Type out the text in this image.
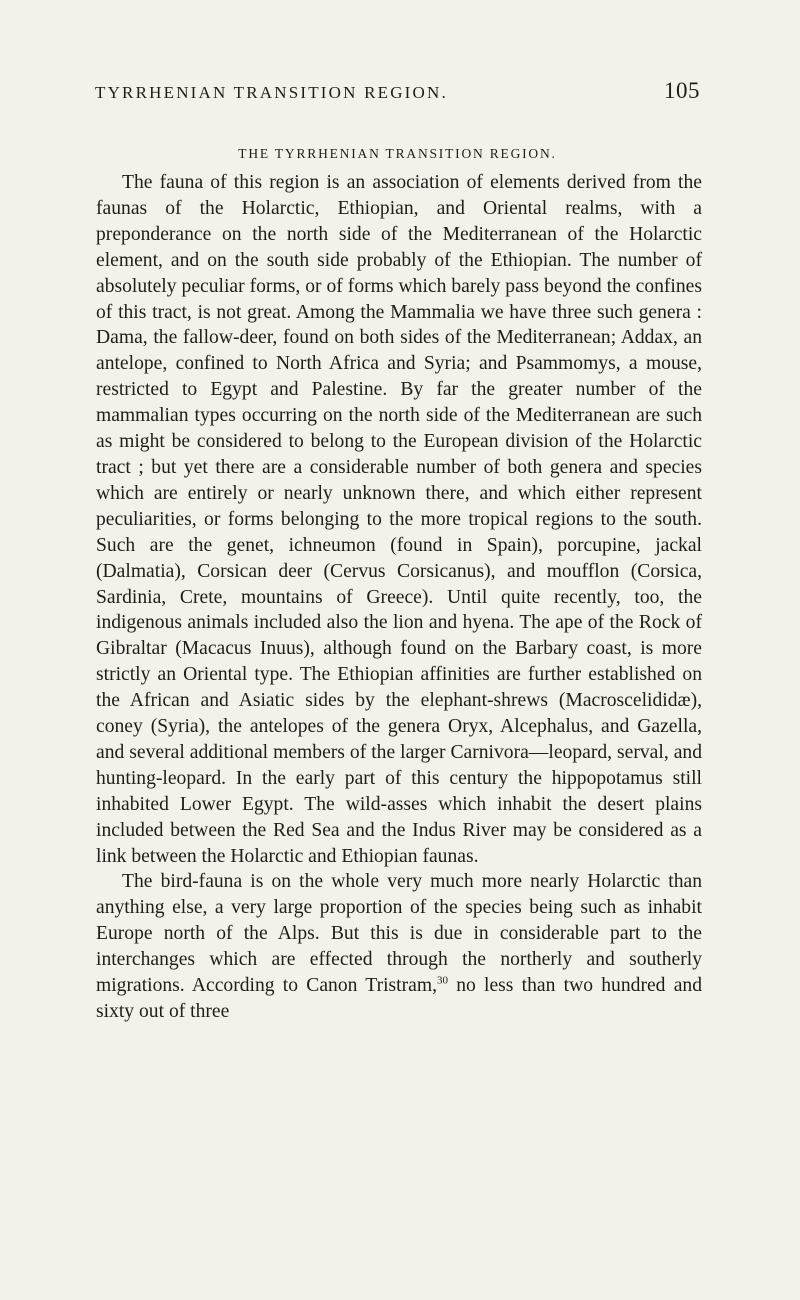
TYRRHENIAN TRANSITION REGION.	105
THE TYRRHENIAN TRANSITION REGION.

The fauna of this region is an association of elements derived from the faunas of the Holarctic, Ethiopian, and Oriental realms, with a preponderance on the north side of the Mediterranean of the Holarctic element, and on the south side probably of the Ethiopian. The number of absolutely peculiar forms, or of forms which barely pass beyond the confines of this tract, is not great. Among the Mammalia we have three such genera : Dama, the fallow-deer, found on both sides of the Mediterranean; Addax, an antelope, confined to North Africa and Syria; and Psammomys, a mouse, restricted to Egypt and Palestine. By far the greater number of the mammalian types occurring on the north side of the Mediterranean are such as might be considered to belong to the European division of the Holarctic tract ; but yet there are a considerable number of both genera and species which are entirely or nearly unknown there, and which either represent peculiarities, or forms belonging to the more tropical regions to the south. Such are the genet, ichneumon (found in Spain), porcupine, jackal (Dalmatia), Corsican deer (Cervus Corsicanus), and moufflon (Corsica, Sardinia, Crete, mountains of Greece). Until quite recently, too, the indigenous animals included also the lion and hyena. The ape of the Rock of Gibraltar (Macacus Inuus), although found on the Barbary coast, is more strictly an Oriental type. The Ethiopian affinities are further established on the African and Asiatic sides by the elephant-shrews (Macroscelididæ), coney (Syria), the antelopes of the genera Oryx, Alcephalus, and Gazella, and several additional members of the larger Carnivora—leopard, serval, and hunting-leopard. In the early part of this century the hippopotamus still inhabited Lower Egypt. The wild-asses which inhabit the desert plains included between the Red Sea and the Indus River may be considered as a link between the Holarctic and Ethiopian faunas.

The bird-fauna is on the whole very much more nearly Holarctic than anything else, a very large proportion of the species being such as inhabit Europe north of the Alps. But this is due in considerable part to the interchanges which are effected through the northerly and southerly migrations. According to Canon Tristram,$^{30}$ no less than two hundred and sixty out of three
